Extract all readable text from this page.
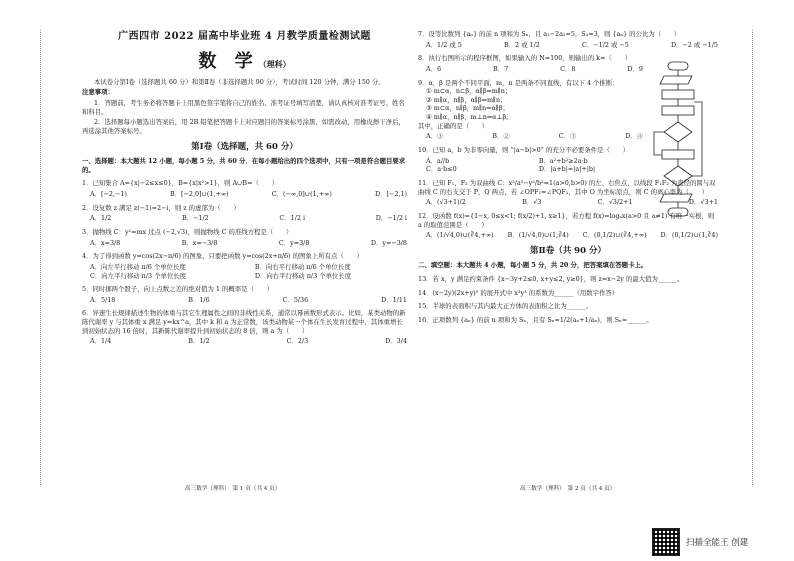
广西四市 2022 届高中毕业班 4 月教学质量检测试题
数 学（理科）
本试卷分第Ⅰ卷（选择题共 60 分）和第Ⅱ卷（非选择题共 90 分），考试时间 120 分钟，满分 150 分。
注意事项：
1．答题前，考生务必将答题卡上用黑色签字笔将自己的姓名、准考证号填写清楚，请认真核对准考证号、姓名和科目。
2．选择题每小题选出答案后，用 2B 铅笔把答题卡上对应题目的答案标号涂黑，如需改动，用橡皮擦干净后，再选涂其他答案标号。
第Ⅰ卷（选择题，共 60 分）
一、选择题：本大题共 12 小题，每小题 5 分，共 60 分．在每小题给出的四个选项中，只有一项是符合题目要求的。
1．已知集合 A={x|−2≤x≤0}，B={x|x²>1}，则 A∪B=（　　）
A．[−2,−1)	B．[−2,0]∪(1,+∞)	C．(−∞,0]∪(1,+∞)	D．[−2,1)
2．设复数 z 满足 z(−1)=2−i，则 z 的虚部为（　　）
A．1/2	B．−1/2	C．1/2 i	D．−1/2 i
3．抛物线 C：y²=mx 过点 (−2,√3)，则抛物线 C 的准线方程是（　　）
A．x=3/8	B．x=−3/8	C．y=3/8	D．y=−3/8
4．为了得到函数 y=cos(2x−π/6) 的图象，只要把函数 y=cos(2x+π/6) 的图象上所有点（　　）
A．向左平行移动 π/6 个单位长度	B．向右平行移动 π/6 个单位长度
C．向左平行移动 π/3 个单位长度	D．向右平行移动 π/3 个单位长度
5．同时掷两个骰子，向上点数之差的绝对值为 1 的概率是（　　）
A．5/18	B．1/6	C．5/36	D．1/11
6．异速生长规律描述生物的体重与其它生理属性之间的非线性关系，通常以幂函数形式表示。比如，某类动物的新陈代谢率 y 与其体重 x 满足 y=kx^a，其中 k 和 a 为正常数，该类动物某一个体在生长发育过程中，其体重增长到初始状态的 16 倍时，其新陈代谢率提升到初始状态的 8 倍，则 a 为（　　）
A．1/4	B．1/2	C．2/3	D．3/4
7．设等比数列 {aₙ} 的前 n 项和为 Sₙ，且 a₂−2a₂=5，S₃=3，则 {aₙ} 的公比为（　　）
A．1/2 或 5	B．2 或 1/2	C．−1/2 或 −5	D．−2 或 −1/5
8．执行右图所示的程序框图，如果输入的 N=100，则输出的 k=（　　）
A．6	B．7	C．8	D．9
9．α，β 是两个不同平面，m，n 是两条不同直线，有以下 4 个推断：
① m⊂α，n⊂β，α∥β⇒m∥n；
② m∥α，n∥β，α∥β⇒m∥n；
③ m⊂α，n∥β，m∥n⇒α∥β；
④ m∥α，n∥β，m⊥n⇒α⊥β。
其中，正确的是（　　）
A．①	B．②	C．③	D．④
10．已知 a，b 为非零向量，则 “|a−b|>0” 的充分不必要条件是（　　）
A．a//b	B．a²+b²≥2a·b
C．a·b≤0	D．|a+b|=|a|+|b|
11．已知 F₁，F₂ 为双曲线 C：x²/a²−y²/b²=1(a>0,b>0) 的左、右焦点，以线段 F₁F₂ 为直径的圆与双曲线 C 的右支交于 P，Q 两点，若 ∠OPF₁=∠PQF₁，其中 O 为坐标原点，则 C 的离心率为（　　）
A．(√3+1)/2	B．√3	C．√3/2+1	D．√3+1
12．设函数 f(x)={1−x, 0≤x<1; f(x/2)+1, x≥1}，若方程 f(x)=logₐx(a>0 且 a≠1) 有唯一实根，则 a 的取值范围是（　　）
A．(1/√4,0)∪(∛4,+∞) B．(1/√4,0)∪(1,∛4) C．(0,1/2)∪(∛4,+∞) D．(0,1/2)∪(1,∛4)
第Ⅱ卷（共 90 分）
二、填空题：本大题共 4 小题，每小题 5 分，共 20 分，把答案填在答题卡上。
13．若 x，y 满足约束条件 {x−3y+2≤0, x+y≤2, y≥0}，则 z=x−2y 的最大值为______。
14．(x−2y)(2x+y)⁵ 的展开式中 x³y³ 的系数为______（用数字作答）
15．半球的表面积与其内最大正方体的表面积之比为______。
16．正项数列 {aₙ} 的前 n 项和为 Sₙ，且有 Sₙ=1/2(aₙ+1/aₙ)，则 Sₙ=______。
高三数学（理科）　第 1 页（共 4 页）	高三数学（理科）　第 2 页（共 4 页）
扫描全能王 创建
